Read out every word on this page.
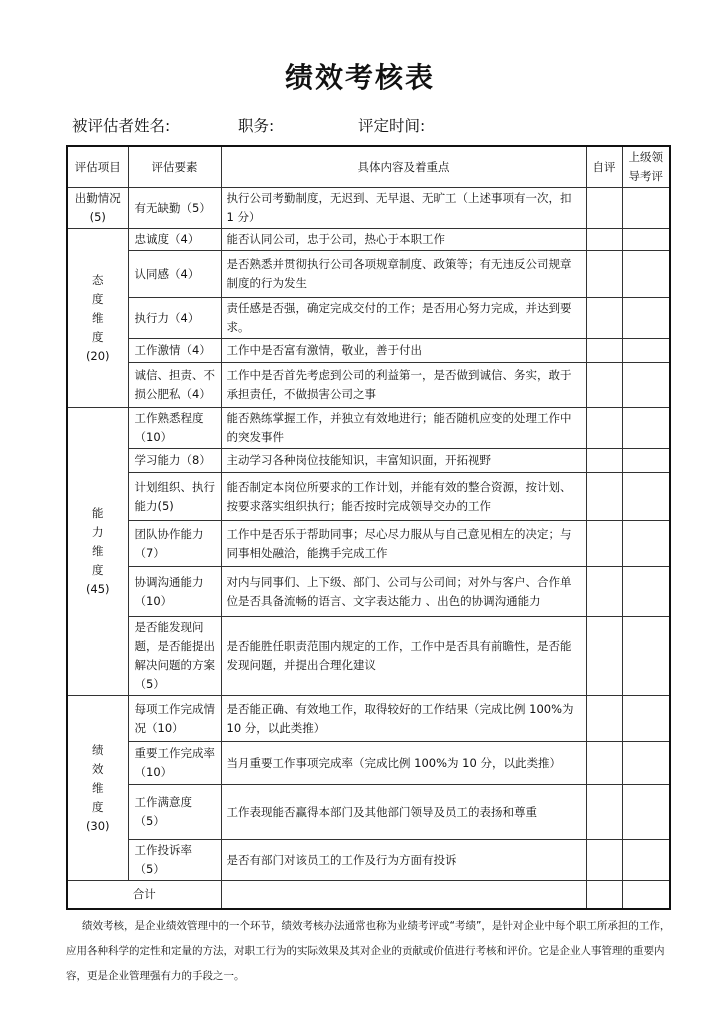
绩效考核表
被评估者姓名:	职务:	评定时间:
评估项目	评估要素	具体内容及着重点	自评	上级领导考评
出勤情况
(5)	有无缺勤（5）	执行公司考勤制度，无迟到、无早退、无旷工（上述事项有一次，扣 1 分）		
态
度
维
度
(20)	忠诚度（4）	能否认同公司，忠于公司，热心于本职工作		
	认同感（4）	是否熟悉并贯彻执行公司各项规章制度、政策等；有无违反公司规章制度的行为发生		
	执行力（4）	责任感是否强，确定完成交付的工作；是否用心努力完成，并达到要求。		
	工作激情（4）	工作中是否富有激情，敬业，善于付出		
	诚信、担责、不损公肥私（4）	工作中是否首先考虑到公司的利益第一，是否做到诚信、务实，敢于承担责任，不做损害公司之事		
能
力
维
度
(45)	工作熟悉程度（10）	能否熟练掌握工作，并独立有效地进行；能否随机应变的处理工作中的突发事件		
	学习能力（8）	主动学习各种岗位技能知识，丰富知识面，开拓视野		
	计划组织、执行能力(5)	能否制定本岗位所要求的工作计划，并能有效的整合资源，按计划、按要求落实组织执行；能否按时完成领导交办的工作		
	团队协作能力（7）	工作中是否乐于帮助同事；尽心尽力服从与自己意见相左的决定；与同事相处融洽，能携手完成工作		
	协调沟通能力（10）	对内与同事们、上下级、部门、公司与公司间；对外与客户、合作单位是否具备流畅的语言、文字表达能力 、出色的协调沟通能力		
	是否能发现问题，是否能提出解决问题的方案（5）	是否能胜任职责范围内规定的工作，工作中是否具有前瞻性，是否能发现问题，并提出合理化建议		
绩
效
维
度
(30)	每项工作完成情况（10）	是否能正确、有效地工作，取得较好的工作结果（完成比例 100%为 10 分，以此类推）		
	重要工作完成率（10）	当月重要工作事项完成率（完成比例 100%为 10 分，以此类推）		
	工作满意度（5）	工作表现能否赢得本部门及其他部门领导及员工的表扬和尊重		
	工作投诉率（5）	是否有部门对该员工的工作及行为方面有投诉		
合计				
绩效考核，是企业绩效管理中的一个环节，绩效考核办法通常也称为业绩考评或“考绩”，是针对企业中每个职工所承担的工作，应用各种科学的定性和定量的方法，对职工行为的实际效果及其对企业的贡献或价值进行考核和评价。它是企业人事管理的重要内容，更是企业管理强有力的手段之一。
